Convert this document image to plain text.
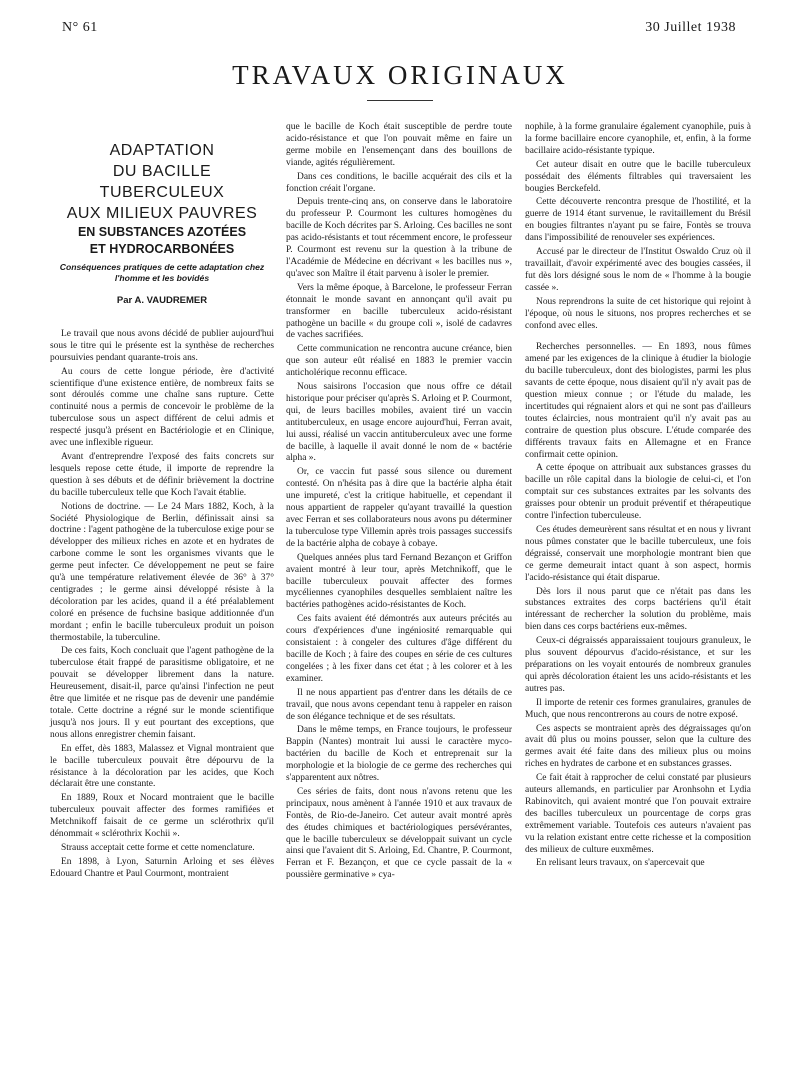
N° 61	30 Juillet 1938
TRAVAUX ORIGINAUX
ADAPTATION
DU BACILLE TUBERCULEUX
AUX MILIEUX PAUVRES
EN SUBSTANCES AZOTÉES
ET HYDROCARBONÉES
Conséquences pratiques de cette adaptation chez l'homme et les bovidés
Par A. VAUDREMER

Le travail que nous avons décidé de publier aujourd'hui sous le titre qui le présente est la synthèse de recherches poursuivies pendant quarante-trois ans.

Au cours de cette longue période, ère d'activité scientifique d'une existence entière, de nombreux faits se sont déroulés comme une chaîne sans rupture. Cette continuité nous a permis de concevoir le problème de la tuberculose sous un aspect différent de celui admis et respecté jusqu'à présent en Bactériologie et en Clinique, avec une inflexible rigueur.

Avant d'entreprendre l'exposé des faits concrets sur lesquels repose cette étude, il importe de reprendre la question à ses débuts et de définir brièvement la doctrine du bacille tuberculeux telle que Koch l'avait établie.

Notions de doctrine. — Le 24 Mars 1882, Koch, à la Société Physiologique de Berlin, définissait ainsi sa doctrine : l'agent pathogène de la tuberculose exige pour se développer des milieux riches en azote et en hydrates de carbone comme le sont les organismes vivants que le germe peut infecter. Ce développement ne peut se faire qu'à une température relativement élevée de 36° à 37° centigrades ; le germe ainsi développé résiste à la décoloration par les acides, quand il a été préalablement coloré en présence de fuchsine basique additionnée d'un mordant ; enfin le bacille tuberculeux produit un poison thermostabile, la tuberculine.

De ces faits, Koch concluait que l'agent pathogène de la tuberculose était frappé de parasitisme obligatoire, et ne pouvait se développer librement dans la nature. Heureusement, disait-il, parce qu'ainsi l'infection ne peut être que limitée et ne risque pas de devenir une pandémie totale. Cette doctrine a régné sur le monde scientifique jusqu'à nos jours. Il y eut pourtant des exceptions, que nous allons enregistrer chemin faisant.

En effet, dès 1883, Malassez et Vignal montraient que le bacille tuberculeux pouvait être dépourvu de la résistance à la décoloration par les acides, que Koch déclarait être une constante.

En 1889, Roux et Nocard montraient que le bacille tuberculeux pouvait affecter des formes ramifiées et Metchnikoff faisait de ce germe un sclérothrix qu'il dénommait « sclérothrix Kochii ».

Strauss acceptait cette forme et cette nomenclature.

En 1898, à Lyon, Saturnin Arloing et ses élèves Edouard Chantre et Paul Courmont, montraient

que le bacille de Koch était susceptible de perdre toute acido-résistance et que l'on pouvait même en faire un germe mobile en l'ensemençant dans des bouillons de viande, agités régulièrement.

Dans ces conditions, le bacille acquérait des cils et la fonction créait l'organe.

Depuis trente-cinq ans, on conserve dans le laboratoire du professeur P. Courmont les cultures homogènes du bacille de Koch décrites par S. Arloing. Ces bacilles ne sont pas acido-résistants et tout récemment encore, le professeur P. Courmont est revenu sur la question à la tribune de l'Académie de Médecine en décrivant « les bacilles nus », qu'avec son Maître il était parvenu à isoler le premier.

Vers la même époque, à Barcelone, le professeur Ferran étonnait le monde savant en annonçant qu'il avait pu transformer en bacille tuberculeux acido-résistant pathogène un bacille « du groupe coli », isolé de cadavres de vaches sacrifiées.

Cette communication ne rencontra aucune créance, bien que son auteur eût réalisé en 1883 le premier vaccin anticholérique reconnu efficace.

Nous saisirons l'occasion que nous offre ce détail historique pour préciser qu'après S. Arloing et P. Courmont, qui, de leurs bacilles mobiles, avaient tiré un vaccin antituberculeux, en usage encore aujourd'hui, Ferran avait, lui aussi, réalisé un vaccin antituberculeux avec une forme de bacille, à laquelle il avait donné le nom de « bactérie alpha ».

Or, ce vaccin fut passé sous silence ou durement contesté. On n'hésita pas à dire que la bactérie alpha était une impureté, c'est la critique habituelle, et cependant il nous appartient de rappeler qu'ayant travaillé la question avec Ferran et ses collaborateurs nous avons pu déterminer la tuberculose type Villemin après trois passages successifs de la bactérie alpha de cobaye à cobaye.

Quelques années plus tard Fernand Bezançon et Griffon avaient montré à leur tour, après Metchnikoff, que le bacille tuberculeux pouvait affecter des formes mycéliennes cyanophiles desquelles semblaient naître les bactéries pathogènes acido-résistantes de Koch.

Ces faits avaient été démontrés aux auteurs précités au cours d'expériences d'une ingéniosité remarquable qui consistaient : à congeler des cultures d'âge différent du bacille de Koch ; à faire des coupes en série de ces cultures congelées ; à les fixer dans cet état ; à les colorer et à les examiner.

Il ne nous appartient pas d'entrer dans les détails de ce travail, que nous avons cependant tenu à rappeler en raison de son élégance technique et de ses résultats.

Dans le même temps, en France toujours, le professeur Bappin (Nantes) montrait lui aussi le caractère myco-bactérien du bacille de Koch et entreprenait sur la morphologie et la biologie de ce germe des recherches qui s'apparentent aux nôtres.

Ces séries de faits, dont nous n'avons retenu que les principaux, nous amènent à l'année 1910 et aux travaux de Fontès, de Rio-de-Janeiro. Cet auteur avait montré après des études chimiques et bactériologiques persévérantes, que le bacille tuberculeux se développait suivant un cycle ainsi que l'avaient dit S. Arloing, Ed. Chantre, P. Courmont, Ferran et F. Bezançon, et que ce cycle passait de la « poussière germinative » cya-

nophile, à la forme granulaire également cyanophile, puis à la forme bacillaire encore cyanophile, et, enfin, à la forme bacillaire acido-résistante typique.

Cet auteur disait en outre que le bacille tuberculeux possédait des éléments filtrables qui traversaient les bougies Berckefeld.

Cette découverte rencontra presque de l'hostilité, et la guerre de 1914 étant survenue, le ravitaillement du Brésil en bougies filtrantes n'ayant pu se faire, Fontès se trouva dans l'impossibilité de renouveler ses expériences.

Accusé par le directeur de l'Institut Oswaldo Cruz où il travaillait, d'avoir expérimenté avec des bougies cassées, il fut dès lors désigné sous le nom de « l'homme à la bougie cassée ».

Nous reprendrons la suite de cet historique qui rejoint à l'époque, où nous le situons, nos propres recherches et se confond avec elles.

Recherches personnelles. — En 1893, nous fûmes amené par les exigences de la clinique à étudier la biologie du bacille tuberculeux, dont des biologistes, parmi les plus savants de cette époque, nous disaient qu'il n'y avait pas de question mieux connue ; or l'étude du malade, les incertitudes qui régnaient alors et qui ne sont pas d'ailleurs toutes éclaircies, nous montraient qu'il n'y avait pas au contraire de question plus obscure. L'étude comparée des différents travaux faits en Allemagne et en France confirmait cette opinion.

A cette époque on attribuait aux substances grasses du bacille un rôle capital dans la biologie de celui-ci, et l'on comptait sur ces substances extraites par les solvants des graisses pour obtenir un produit préventif et thérapeutique contre l'infection tuberculeuse.

Ces études demeurèrent sans résultat et en nous y livrant nous pûmes constater que le bacille tuberculeux, une fois dégraissé, conservait une morphologie montrant bien que ce germe demeurait intact quant à son aspect, hormis l'acido-résistance qui était disparue.

Dès lors il nous parut que ce n'était pas dans les substances extraites des corps bactériens qu'il était intéressant de rechercher la solution du problème, mais bien dans ces corps bactériens eux-mêmes.

Ceux-ci dégraissés apparaissaient toujours granuleux, le plus souvent dépourvus d'acido-résistance, et sur les préparations on les voyait entourés de nombreux granules qui après décoloration étaient les uns acido-résistants et les autres pas.

Il importe de retenir ces formes granulaires, granules de Much, que nous rencontrerons au cours de notre exposé.

Ces aspects se montraient après des dégraissages qu'on avait dû plus ou moins pousser, selon que la culture des germes avait été faite dans des milieux plus ou moins riches en hydrates de carbone et en substances grasses.

Ce fait était à rapprocher de celui constaté par plusieurs auteurs allemands, en particulier par Aronhsohn et Lydia Rabinovitch, qui avaient montré que l'on pouvait extraire des bacilles tuberculeux un pourcentage de corps gras extrêmement variable. Toutefois ces auteurs n'avaient pas vu la relation existant entre cette richesse et la composition des milieux de culture euxmêmes.

En relisant leurs travaux, on s'apercevait que
